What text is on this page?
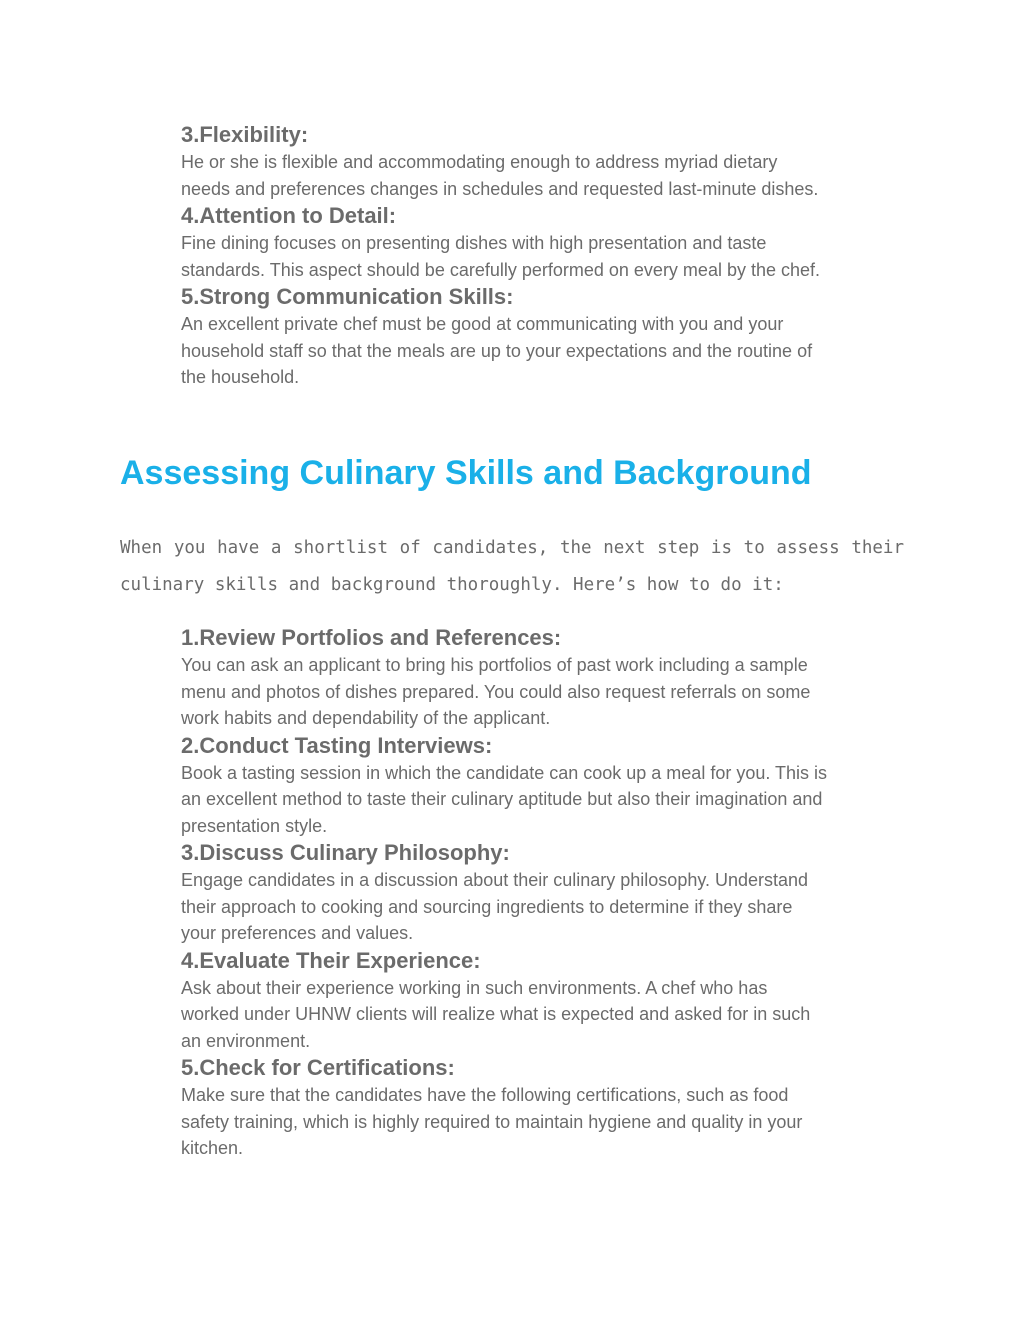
3.Flexibility:

He or she is flexible and accommodating enough to address myriad dietary
needs and preferences changes in schedules and requested last-minute dishes.

4.Attention to Detail:

Fine dining focuses on presenting dishes with high presentation and taste
standards. This aspect should be carefully performed on every meal by the chef.

5.Strong Communication Skills:

An excellent private chef must be good at communicating with you and your
household staff so that the meals are up to your expectations and the routine of
the household.

Assessing Culinary Skills and Background

When you have a shortlist of candidates, the next step is to assess their culinary skills and background thoroughly. Here’s how to do it:

1.Review Portfolios and References:

You can ask an applicant to bring his portfolios of past work including a sample
menu and photos of dishes prepared. You could also request referrals on some
work habits and dependability of the applicant.

2.Conduct Tasting Interviews:

Book a tasting session in which the candidate can cook up a meal for you. This is
an excellent method to taste their culinary aptitude but also their imagination and
presentation style.

3.Discuss Culinary Philosophy:

Engage candidates in a discussion about their culinary philosophy. Understand
their approach to cooking and sourcing ingredients to determine if they share
your preferences and values.

4.Evaluate Their Experience:

Ask about their experience working in such environments. A chef who has
worked under UHNW clients will realize what is expected and asked for in such
an environment.

5.Check for Certifications:

Make sure that the candidates have the following certifications, such as food
safety training, which is highly required to maintain hygiene and quality in your
kitchen.
